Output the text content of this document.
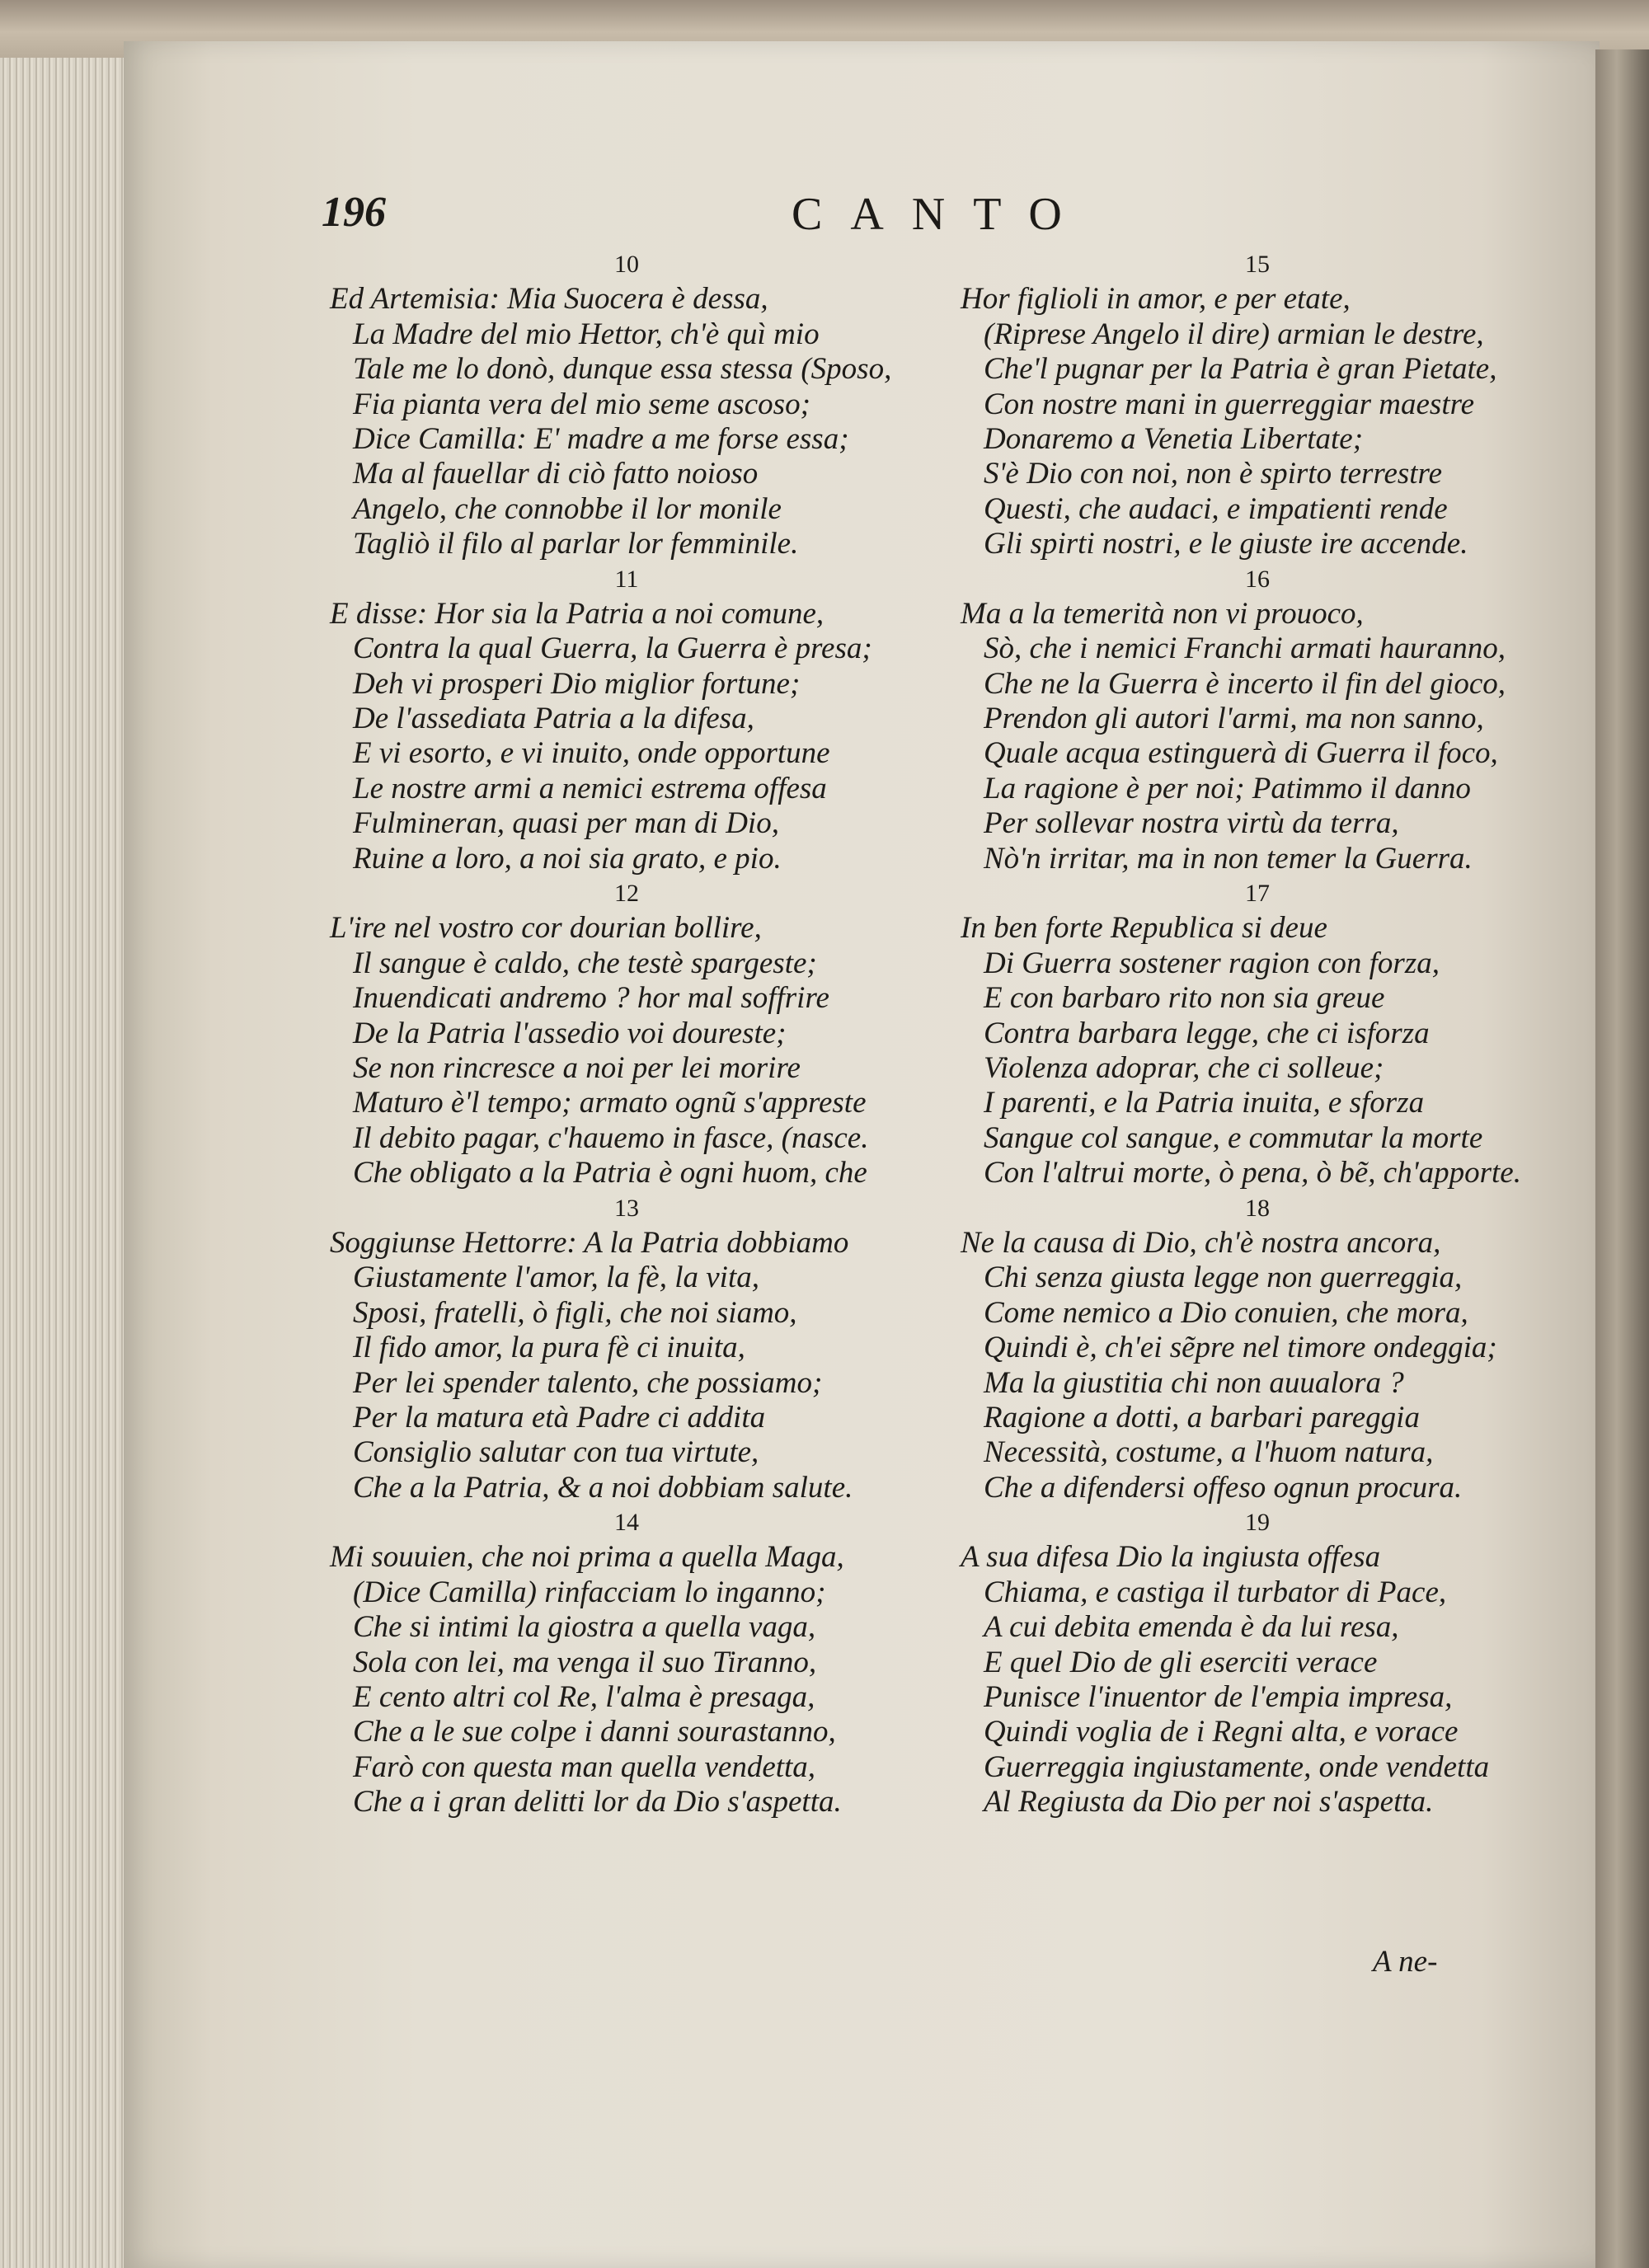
196	CANTO
10
Ed Artemisia: Mia Suocera è dessa,
La Madre del mio Hettor, ch'è quì mio
Tale me lo donò, dunque essa stessa (Sposo,
Fia pianta vera del mio seme ascoso;
Dice Camilla: E' madre a me forse essa;
Ma al fauellar di ciò fatto noioso
Angelo, che connobbe il lor monile
Tagliò il filo al parlar lor femminile.
11
E disse: Hor sia la Patria a noi comune,
Contra la qual Guerra, la Guerra è presa;
Deh vi prosperi Dio miglior fortune;
De l'assediata Patria a la difesa,
E vi esorto, e vi inuito, onde opportune
Le nostre armi a nemici estrema offesa
Fulmineran, quasi per man di Dio,
Ruine a loro, a noi sia grato, e pio.
12
L'ire nel vostro cor dourian bollire,
Il sangue è caldo, che testè spargeste;
Inuendicati andremo ? hor mal soffrire
De la Patria l'assedio voi doureste;
Se non rincresce a noi per lei morire
Maturo è'l tempo; armato ognũ s'appreste
Il debito pagar, c'hauemo in fasce, (nasce.
Che obligato a la Patria è ogni huom, che
13
Soggiunse Hettorre: A la Patria dobbiamo
Giustamente l'amor, la fè, la vita,
Sposi, fratelli, ò figli, che noi siamo,
Il fido amor, la pura fè ci inuita,
Per lei spender talento, che possiamo;
Per la matura età Padre ci addita
Consiglio salutar con tua virtute,
Che a la Patria, & a noi dobbiam salute.
14
Mi souuien, che noi prima a quella Maga,
(Dice Camilla) rinfacciam lo inganno;
Che si intimi la giostra a quella vaga,
Sola con lei, ma venga il suo Tiranno,
E cento altri col Re, l'alma è presaga,
Che a le sue colpe i danni sourastanno,
Farò con questa man quella vendetta,
Che a i gran delitti lor da Dio s'aspetta.
15
Hor figlioli in amor, e per etate,
(Riprese Angelo il dire) armian le destre,
Che'l pugnar per la Patria è gran Pietate,
Con nostre mani in guerreggiar maestre
Donaremo a Venetia Libertate;
S'è Dio con noi, non è spirto terrestre
Questi, che audaci, e impatienti rende
Gli spirti nostri, e le giuste ire accende.
16
Ma a la temerità non vi prouoco,
Sò, che i nemici Franchi armati hauranno,
Che ne la Guerra è incerto il fin del gioco,
Prendon gli autori l'armi, ma non sanno,
Quale acqua estinguerà di Guerra il foco,
La ragione è per noi; Patimmo il danno
Per sollevar nostra virtù da terra,
Nò'n irritar, ma in non temer la Guerra.
17
In ben forte Republica si deue
Di Guerra sostener ragion con forza,
E con barbaro rito non sia greue
Contra barbara legge, che ci isforza
Violenza adoprar, che ci solleue;
I parenti, e la Patria inuita, e sforza
Sangue col sangue, e commutar la morte
Con l'altrui morte, ò pena, ò bẽ, ch'apporte.
18
Ne la causa di Dio, ch'è nostra ancora,
Chi senza giusta legge non guerreggia,
Come nemico a Dio conuien, che mora,
Quindi è, ch'ei sẽpre nel timore ondeggia;
Ma la giustitia chi non auualora ?
Ragione a dotti, a barbari pareggia
Necessità, costume, a l'huom natura,
Che a difendersi offeso ognun procura.
19
A sua difesa Dio la ingiusta offesa
Chiama, e castiga il turbator di Pace,
A cui debita emenda è da lui resa,
E quel Dio de gli eserciti verace
Punisce l'inuentor de l'empia impresa,
Quindi voglia de i Regni alta, e vorace
Guerreggia ingiustamente, onde vendetta
Al Regiusta da Dio per noi s'aspetta.
A ne-
